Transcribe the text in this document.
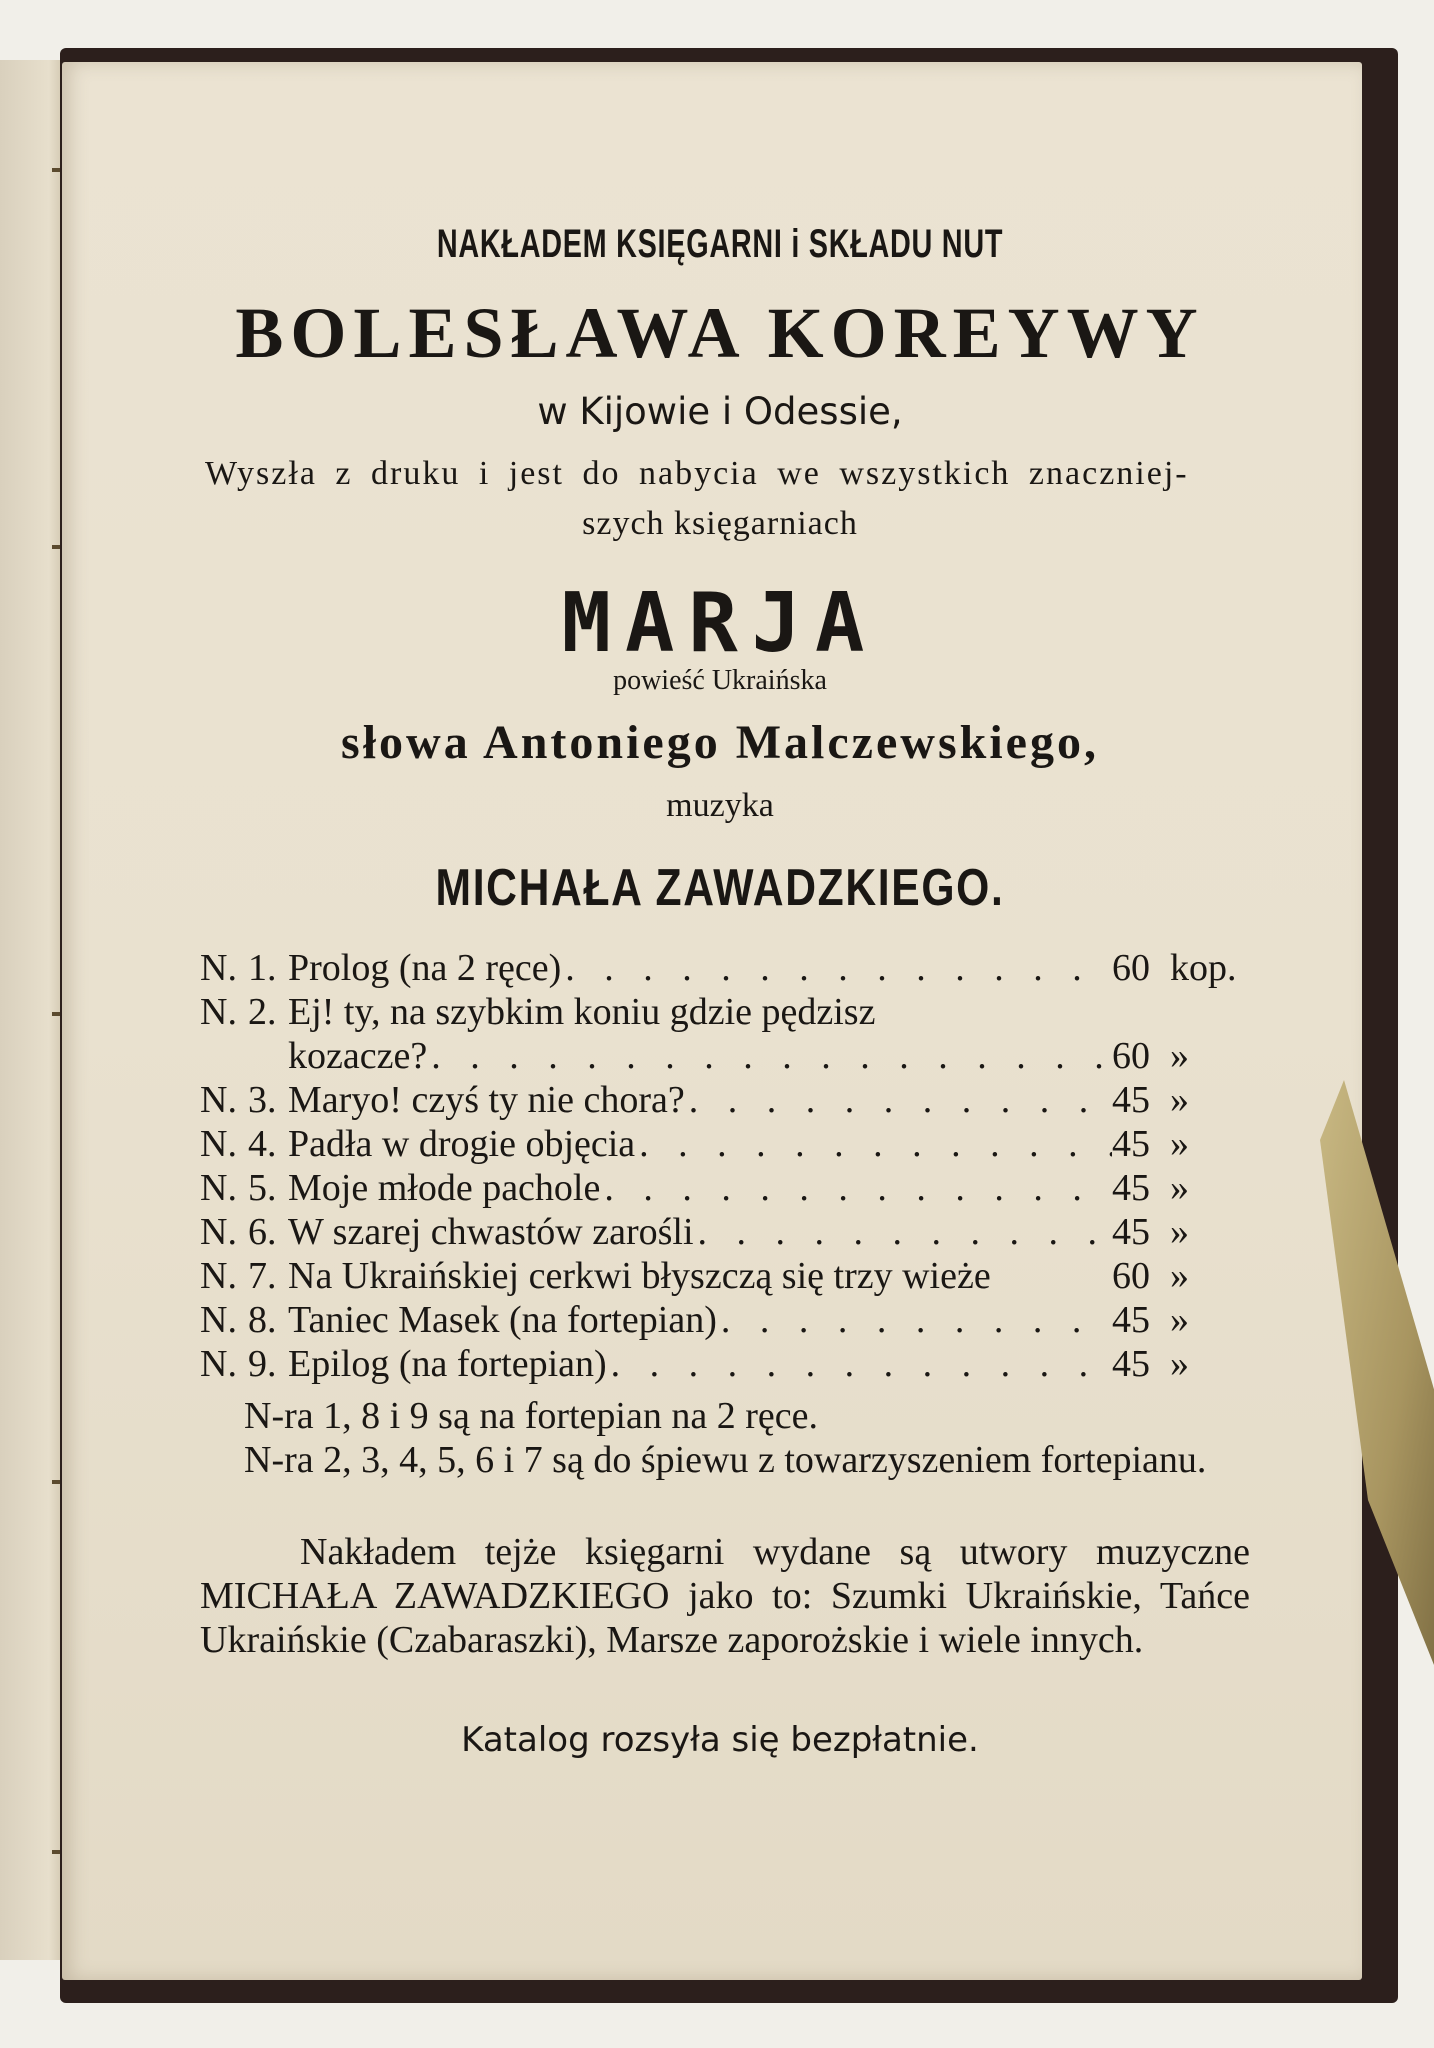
NAKŁADEM KSIĘGARNI i SKŁADU NUT
BOLESŁAWA KOREYWY
w Kijowie i Odessie,
Wyszła z druku i jest do nabycia we wszystkich znaczniej-
szych księgarniach
MARJA
powieść Ukraińska
słowa Antoniego Malczewskiego,
muzyka
MICHAŁA ZAWADZKIEGO.
N. 1. Prolog (na 2 ręce) . . .	60 kop.
N. 2. Ej! ty, na szybkim koniu gdzie pędzisz
kozacze? . . .	60 »
N. 3. Maryo! czyś ty nie chora? . . .	45 »
N. 4. Padła w drogie objęcia . . .	45 »
N. 5. Moje młode pachole . . .	45 »
N. 6. W szarej chwastów zarośli . . .	45 »
N. 7. Na Ukraińskiej cerkwi błyszczą się trzy wieże	60 »
N. 8. Taniec Masek (na fortepian) . . .	45 »
N. 9. Epilog (na fortepian) . . .	45 »
N-ra 1, 8 i 9 są na fortepian na 2 ręce.
N-ra 2, 3, 4, 5, 6 i 7 są do śpiewu z towarzyszeniem fortepianu.
Nakładem tejże księgarni wydane są utwory muzyczne MICHAŁA ZAWADZKIEGO jako to: Szumki Ukraińskie, Tańce Ukraińskie (Czabaraszki), Marsze zaporożskie i wiele innych.
Katalog rozsyła się bezpłatnie.
